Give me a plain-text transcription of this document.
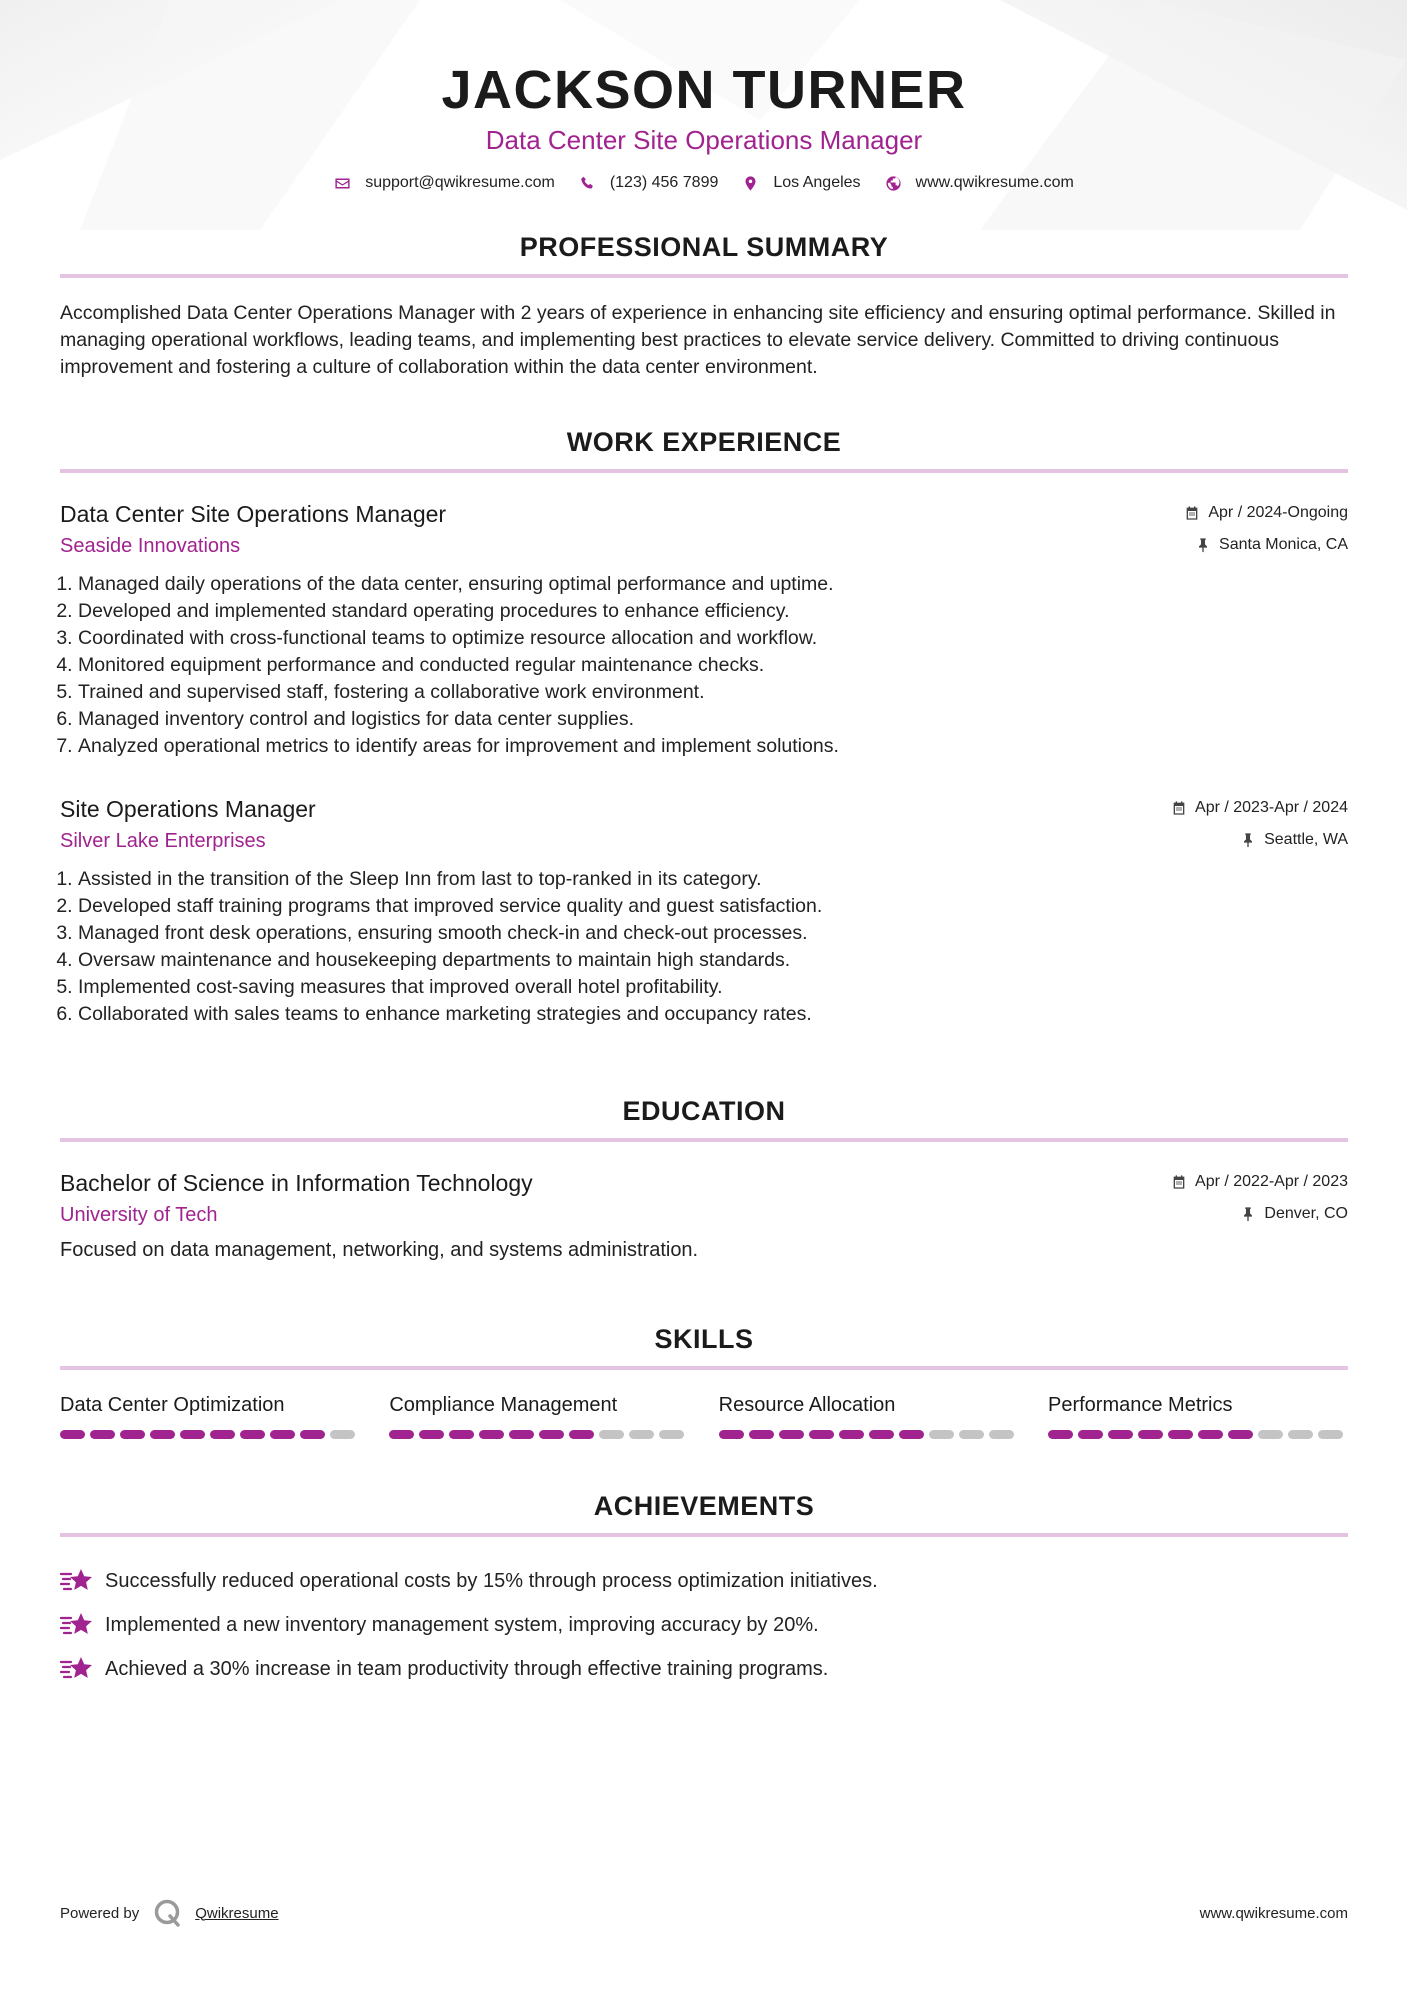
JACKSON TURNER
Data Center Site Operations Manager
support@qwikresume.com	(123) 456 7899	Los Angeles	www.qwikresume.com
PROFESSIONAL SUMMARY

Accomplished Data Center Operations Manager with 2 years of experience in enhancing site efficiency and ensuring optimal performance. Skilled in managing operational workflows, leading teams, and implementing best practices to elevate service delivery. Committed to driving continuous improvement and fostering a culture of collaboration within the data center environment.

WORK EXPERIENCE
Data Center Site Operations Manager
Seaside Innovations
Apr / 2024-Ongoing
Santa Monica, CA
1. Managed daily operations of the data center, ensuring optimal performance and uptime.
2. Developed and implemented standard operating procedures to enhance efficiency.
3. Coordinated with cross-functional teams to optimize resource allocation and workflow.
4. Monitored equipment performance and conducted regular maintenance checks.
5. Trained and supervised staff, fostering a collaborative work environment.
6. Managed inventory control and logistics for data center supplies.
7. Analyzed operational metrics to identify areas for improvement and implement solutions.
Site Operations Manager
Silver Lake Enterprises
Apr / 2023-Apr / 2024
Seattle, WA
1. Assisted in the transition of the Sleep Inn from last to top-ranked in its category.
2. Developed staff training programs that improved service quality and guest satisfaction.
3. Managed front desk operations, ensuring smooth check-in and check-out processes.
4. Oversaw maintenance and housekeeping departments to maintain high standards.
5. Implemented cost-saving measures that improved overall hotel profitability.
6. Collaborated with sales teams to enhance marketing strategies and occupancy rates.
EDUCATION
Bachelor of Science in Information Technology
University of Tech
Apr / 2022-Apr / 2023
Denver, CO

Focused on data management, networking, and systems administration.

SKILLS
Data Center Optimization	Compliance Management	Resource Allocation	Performance Metrics
ACHIEVEMENTS
Successfully reduced operational costs by 15% through process optimization initiatives.
Implemented a new inventory management system, improving accuracy by 20%.
Achieved a 30% increase in team productivity through effective training programs.
Powered by	Qwikresume	www.qwikresume.com
